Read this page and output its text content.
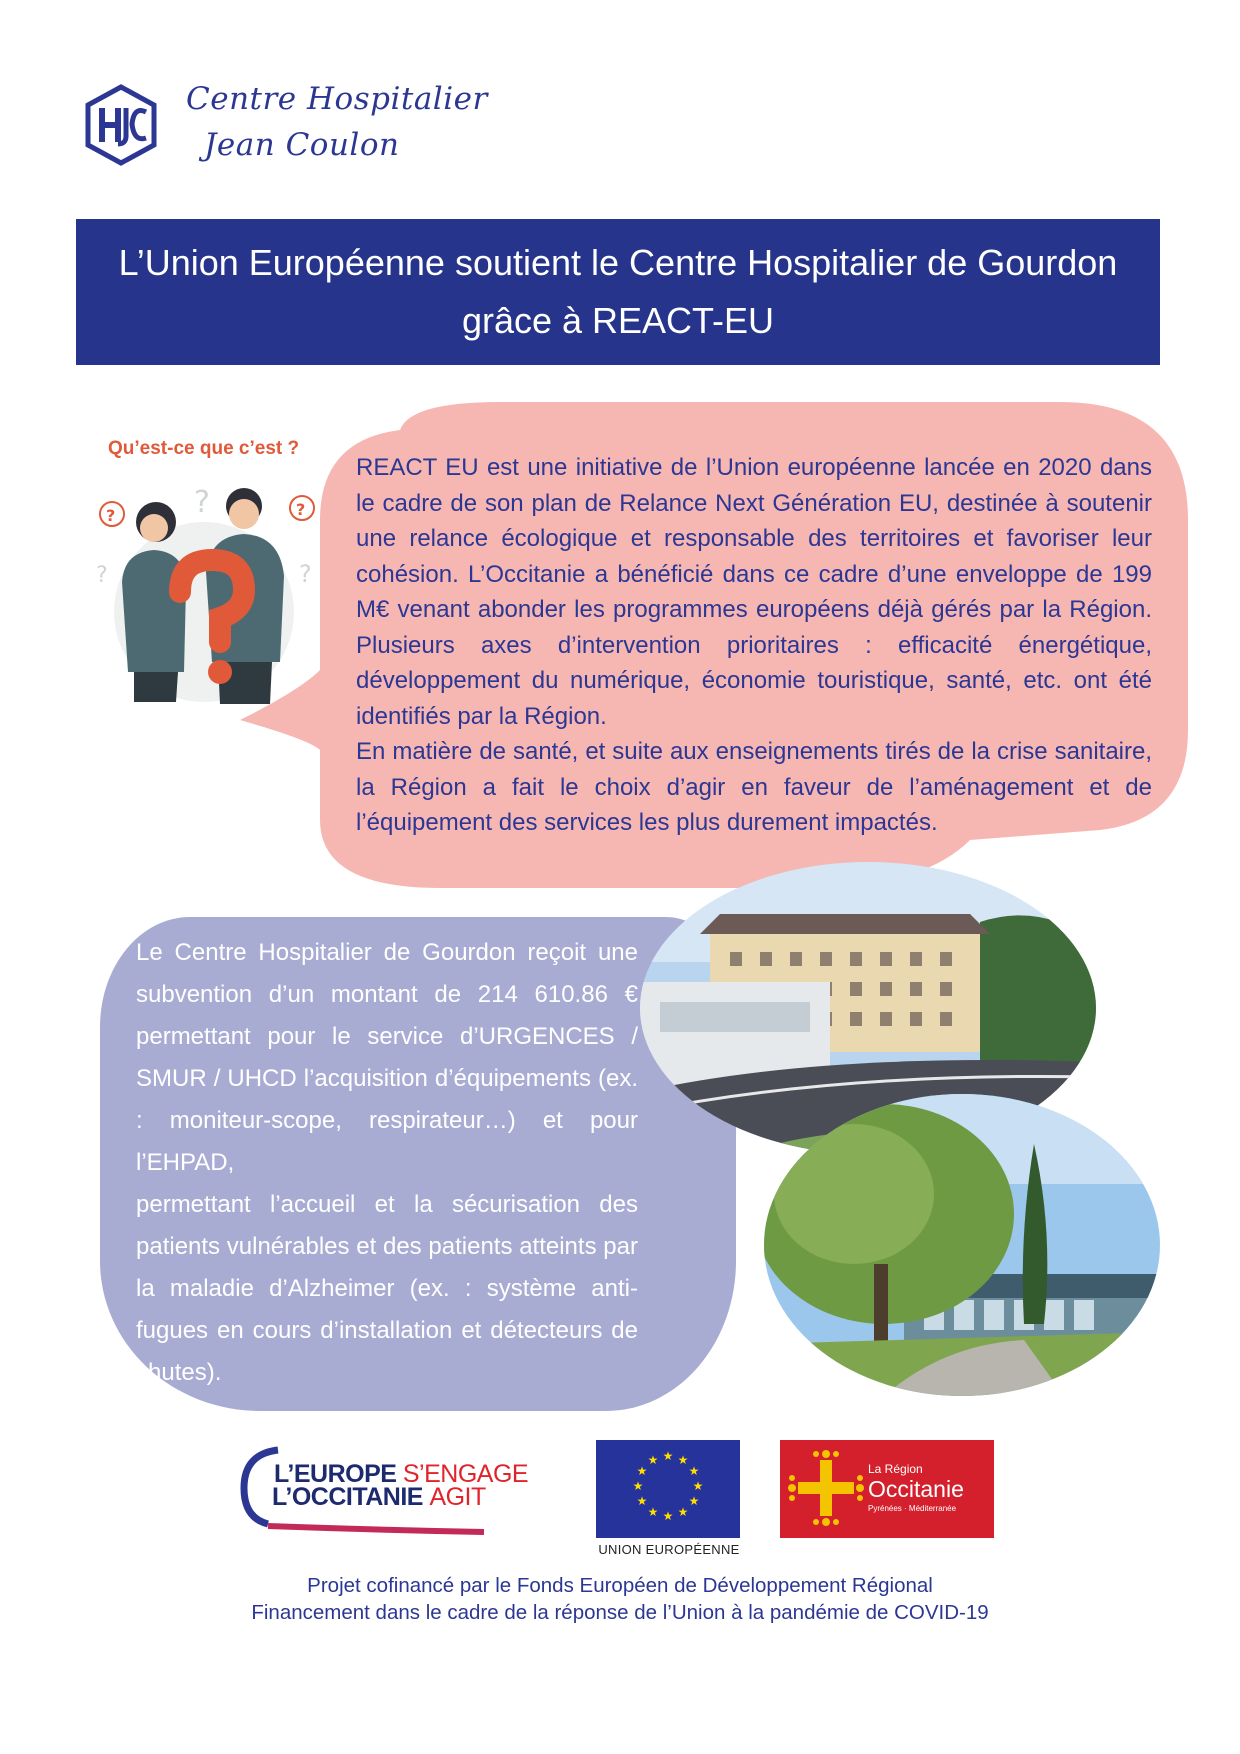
Centre Hospitalier
Jean Coulon
L’Union Européenne soutient le Centre Hospitalier de Gourdon
grâce à REACT-EU
Qu’est-ce que c’est ?
?
?	?
?	?

REACT EU est une initiative de l’Union européenne lancée en 2020 dans le cadre de son plan de Relance Next Génération EU, destinée à soutenir une relance écologique et responsable des territoires et favoriser leur cohésion. L’Occitanie a bénéficié dans ce cadre d’une enveloppe de 199 M€ venant abonder les programmes européens déjà gérés par la Région. Plusieurs axes d’intervention prioritaires : efficacité énergétique, développement du numérique, économie touristique, santé, etc. ont été identifiés par la Région.

En matière de santé, et suite aux enseignements tirés de la crise sanitaire, la Région a fait le choix d’agir en faveur de l’aménagement et de l’équipement des services les plus durement impactés.

Le Centre Hospitalier de Gourdon reçoit une subvention d’un montant de 214 610.86 € permettant pour le service d’URGENCES / SMUR / UHCD l’acquisition d’équipements (ex. : moniteur-scope, respirateur…) et pour l’EHPAD,

permettant l’accueil et la sécurisation des patients vulnérables et des patients atteints par la maladie d’Alzheimer (ex. : système anti-fugues en cours d’installation et détecteurs de chutes).

L’EUROPE S’ENGAGE
L’OCCITANIE AGIT
★ ★
★
★
★
★
★
★
★
★
★
★
UNION EUROPÉENNE
La Région
Occitanie
Pyrénées · Méditerranée
Projet cofinancé par le Fonds Européen de Développement Régional
Financement dans le cadre de la réponse de l’Union à la pandémie de COVID-19
